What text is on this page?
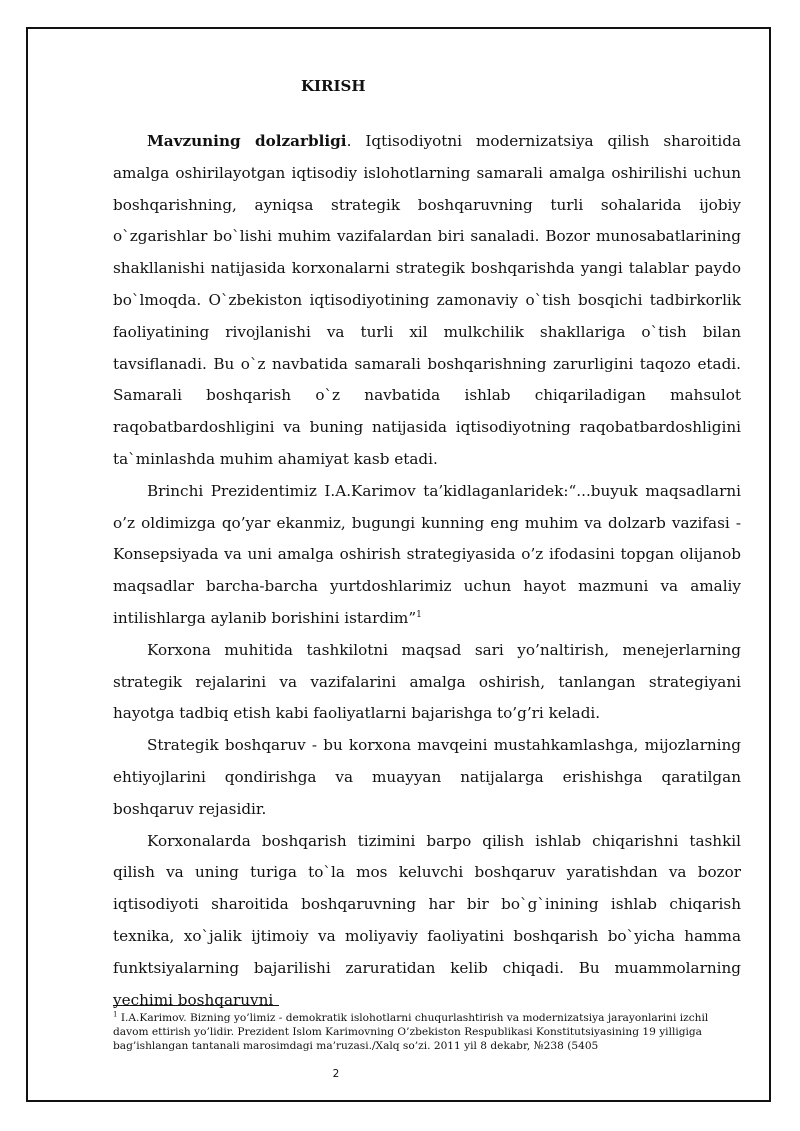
KIRISH

Mavzuning dolzarbligi. Iqtisodiyotni modernizatsiya qilish sharoitida amalga oshirilayotgan iqtisodiy islohotlarning samarali amalga oshirilishi uchun boshqarishning, ayniqsa strategik boshqaruvning turli sohalarida ijobiy o`zgarishlar bo`lishi muhim vazifalardan biri sanaladi. Bozor munosabatlarining shakllanishi natijasida korxonalarni strategik boshqarishda yangi talablar paydo bo`lmoqda. O`zbekiston iqtisodiyotining zamonaviy o`tish bosqichi tadbirkorlik faoliyatining rivojlanishi va turli xil mulkchilik shakllariga o`tish bilan tavsiflanadi. Bu o`z navbatida samarali boshqarishning zarurligini taqozo etadi. Samarali boshqarish o`z navbatida ishlab chiqariladigan mahsulot raqobatbardoshligini va buning natijasida iqtisodiyotning raqobatbardoshligini ta`minlashda muhim ahamiyat kasb etadi.

Brinchi Prezidentimiz I.A.Karimov ta’kidlaganlaridek:“...buyuk maqsadlarni o’z oldimizga qo’yar ekanmiz, bugungi kunning eng muhim va dolzarb vazifasi - Konsepsiyada va uni amalga oshirish strategiyasida o’z ifodasini topgan olijanob maqsadlar barcha-barcha yurtdoshlarimiz uchun hayot mazmuni va amaliy intilishlarga aylanib borishini istardim”$^1$

Korxona muhitida tashkilotni maqsad sari yo’naltirish, menejerlarning strategik rejalarini va vazifalarini amalga oshirish, tanlangan strategiyani hayotga tadbiq etish kabi faoliyatlarni bajarishga to’g’ri keladi.

Strategik boshqaruv - bu korxona mavqeini mustahkamlashga, mijozlarning ehtiyojlarini qondirishga va muayyan natijalarga erishishga qaratilgan boshqaruv rejasidir.

Korxonalarda boshqarish tizimini barpo qilish ishlab chiqarishni tashkil qilish va uning turiga to`la mos keluvchi boshqaruv yaratishdan va bozor iqtisodiyoti sharoitida boshqaruvning har bir bo`g`inining ishlab chiqarish texnika, xo`jalik ijtimoiy va moliyaviy faoliyatini boshqarish bo`yicha hamma funktsiyalarning bajarilishi zaruratidan kelib chiqadi. Bu muammolarning yechimi boshqaruvni

$^1$ I.A.Karimov. Bizning yo’limiz - demokratik islohotlarni chuqurlashtirish va modernizatsiya jarayonlarini izchil davom ettirish yo’lidir. Prezident Islom Karimovning O’zbekiston Respublikasi Konstitutsiyasining 19 yilligiga bag’ishlangan tantanali marosimdagi ma’ruzasi./Xalq so’zi. 2011 yil 8 dekabr, №238 (5405

2
